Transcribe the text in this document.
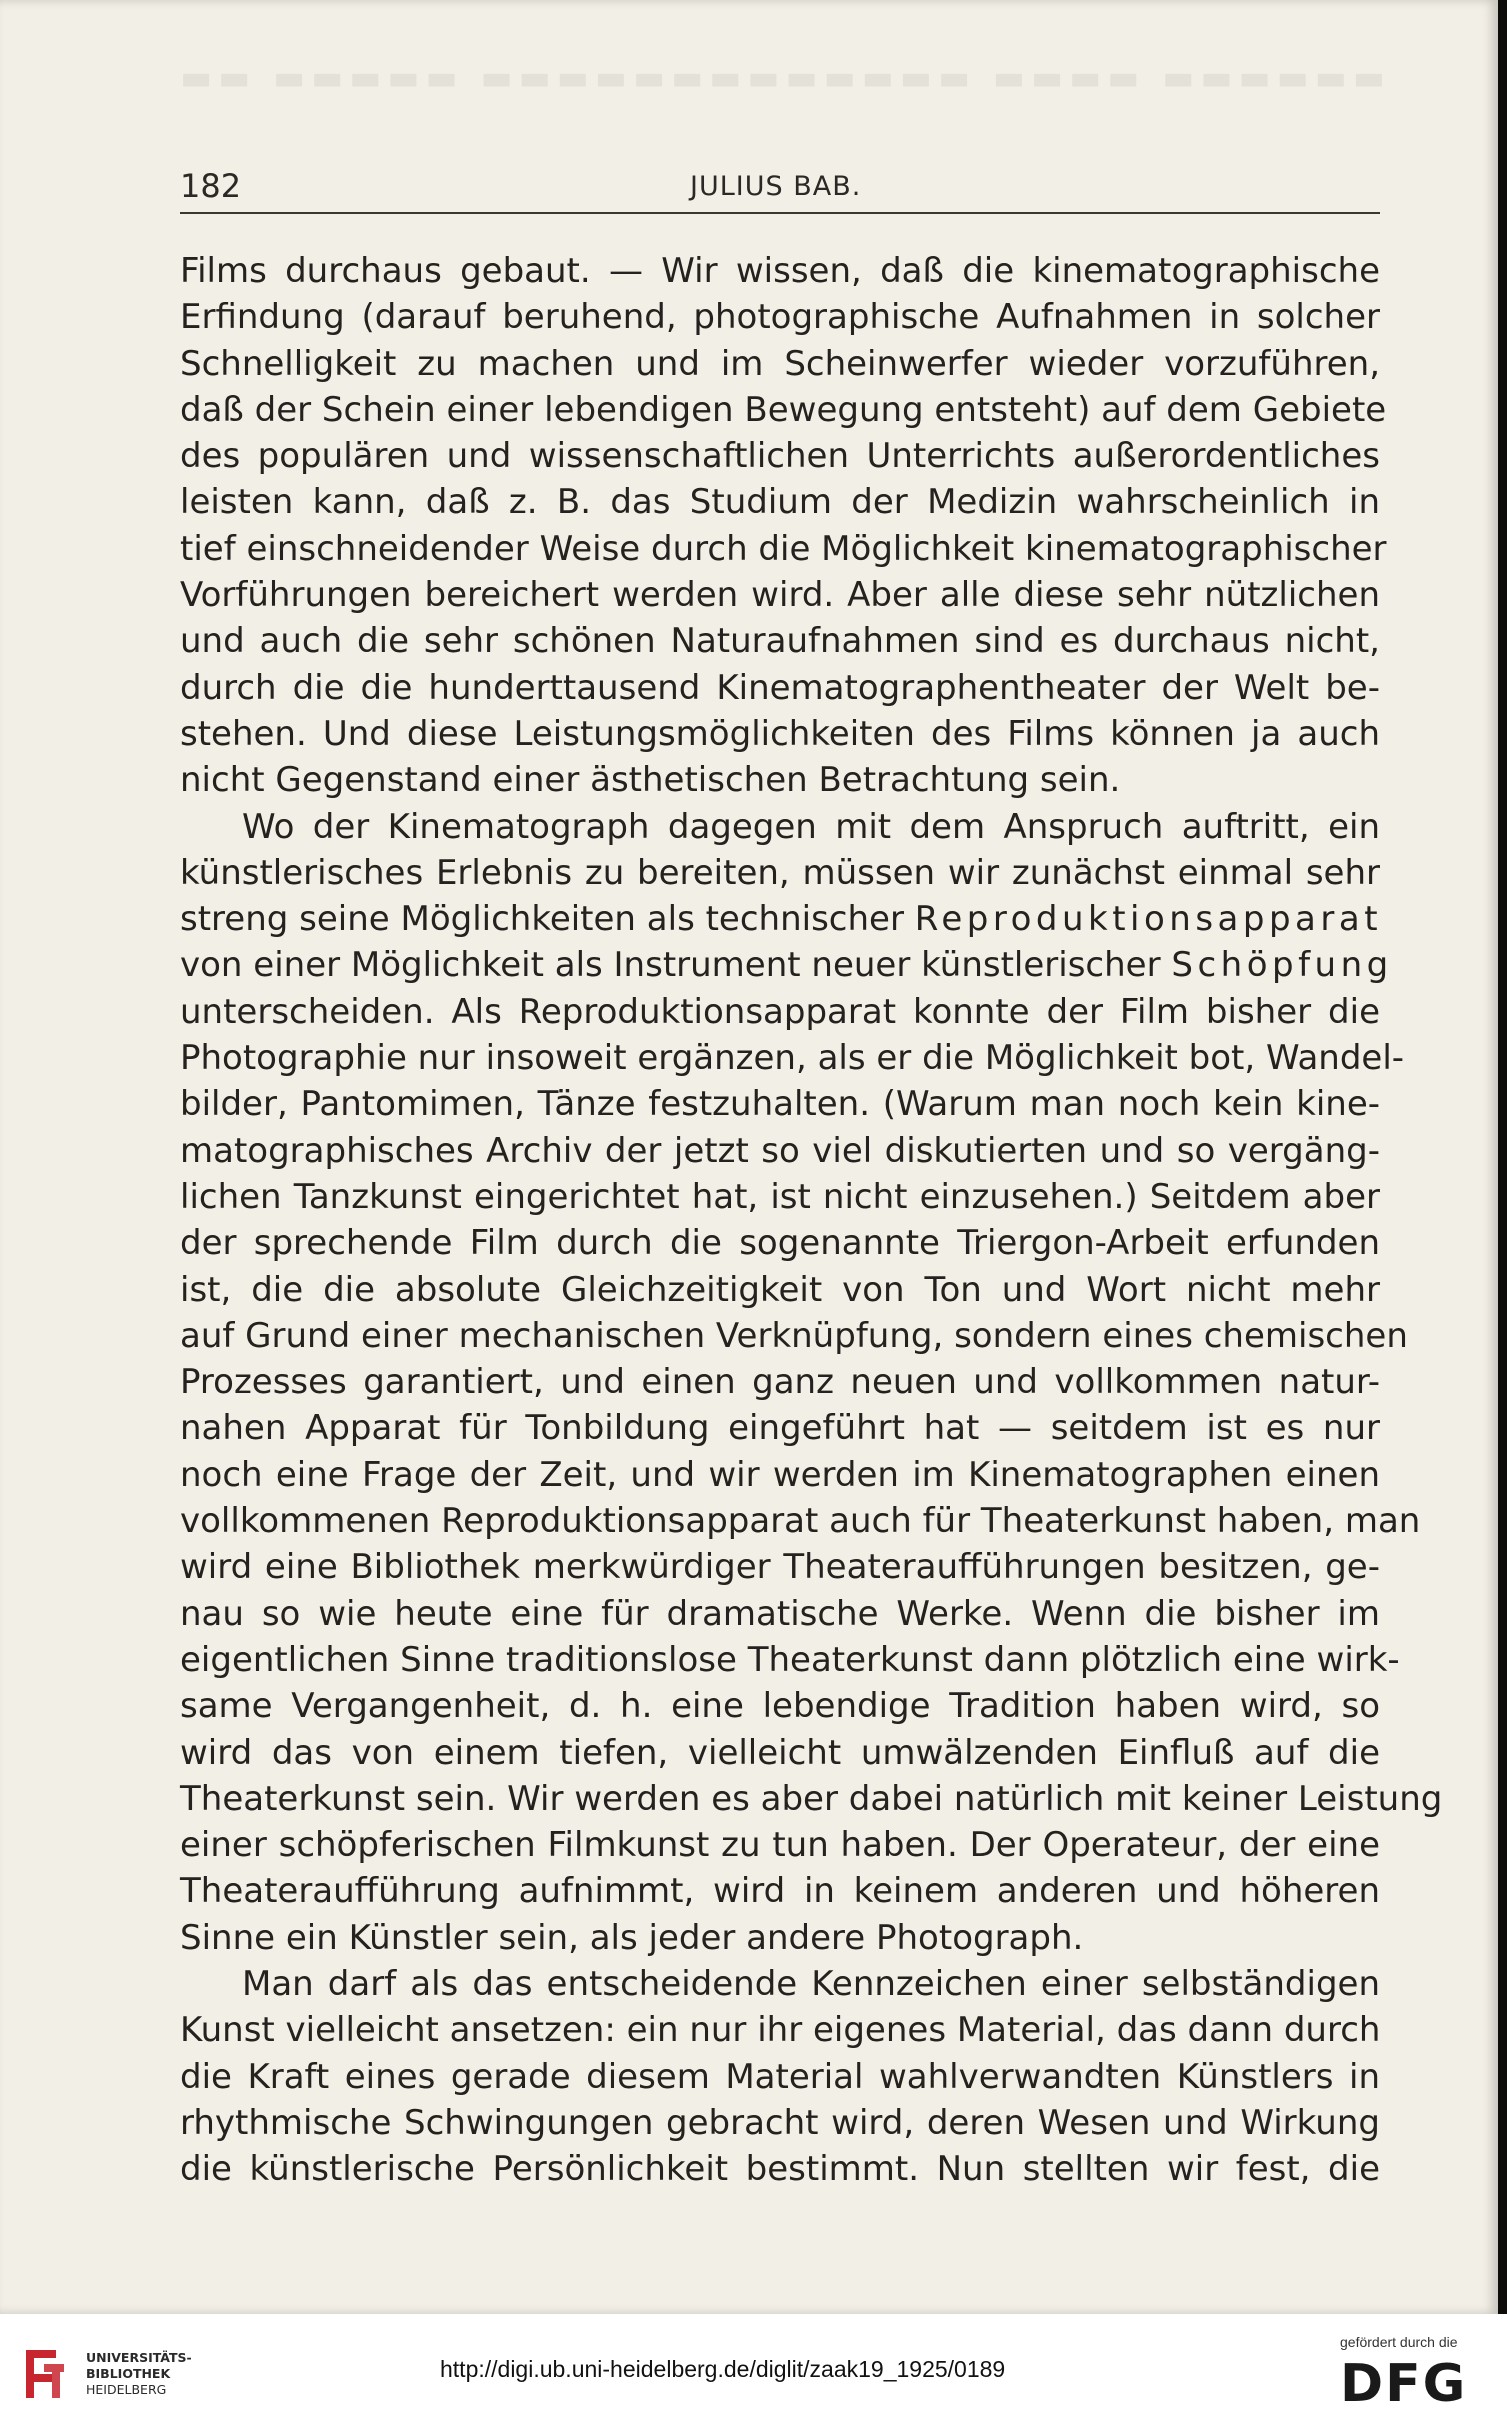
▬▬ ▬▬▬▬▬ ▬▬▬▬▬▬▬▬▬▬▬▬▬ ▬▬▬▬ ▬▬▬▬▬▬
182	JULIUS BAB.
Films durchaus gebaut. — Wir wissen, daß die kinematographische
Erfindung (darauf beruhend, photographische Aufnahmen in solcher
Schnelligkeit zu machen und im Scheinwerfer wieder vorzuführen,
daß der Schein einer lebendigen Bewegung entsteht) auf dem Gebiete
des populären und wissenschaftlichen Unterrichts außerordentliches
leisten kann, daß z. B. das Studium der Medizin wahrscheinlich in
tief einschneidender Weise durch die Möglichkeit kinematographischer
Vorführungen bereichert werden wird. Aber alle diese sehr nützlichen
und auch die sehr schönen Naturaufnahmen sind es durchaus nicht,
durch die die hunderttausend Kinematographentheater der Welt be-
stehen. Und diese Leistungsmöglichkeiten des Films können ja auch
nicht Gegenstand einer ästhetischen Betrachtung sein.
Wo der Kinematograph dagegen mit dem Anspruch auftritt, ein
künstlerisches Erlebnis zu bereiten, müssen wir zunächst einmal sehr
streng seine Möglichkeiten als technischer Reproduktionsapparat
von einer Möglichkeit als Instrument neuer künstlerischer Schöpfung
unterscheiden. Als Reproduktionsapparat konnte der Film bisher die
Photographie nur insoweit ergänzen, als er die Möglichkeit bot, Wandel-
bilder, Pantomimen, Tänze festzuhalten. (Warum man noch kein kine-
matographisches Archiv der jetzt so viel diskutierten und so vergäng-
lichen Tanzkunst eingerichtet hat, ist nicht einzusehen.) Seitdem aber
der sprechende Film durch die sogenannte Triergon-Arbeit erfunden
ist, die die absolute Gleichzeitigkeit von Ton und Wort nicht mehr
auf Grund einer mechanischen Verknüpfung, sondern eines chemischen
Prozesses garantiert, und einen ganz neuen und vollkommen natur-
nahen Apparat für Tonbildung eingeführt hat — seitdem ist es nur
noch eine Frage der Zeit, und wir werden im Kinematographen einen
vollkommenen Reproduktionsapparat auch für Theaterkunst haben, man
wird eine Bibliothek merkwürdiger Theateraufführungen besitzen, ge-
nau so wie heute eine für dramatische Werke. Wenn die bisher im
eigentlichen Sinne traditionslose Theaterkunst dann plötzlich eine wirk-
same Vergangenheit, d. h. eine lebendige Tradition haben wird, so
wird das von einem tiefen, vielleicht umwälzenden Einfluß auf die
Theaterkunst sein. Wir werden es aber dabei natürlich mit keiner Leistung
einer schöpferischen Filmkunst zu tun haben. Der Operateur, der eine
Theateraufführung aufnimmt, wird in keinem anderen und höheren
Sinne ein Künstler sein, als jeder andere Photograph.
Man darf als das entscheidende Kennzeichen einer selbständigen
Kunst vielleicht ansetzen: ein nur ihr eigenes Material, das dann durch
die Kraft eines gerade diesem Material wahlverwandten Künstlers in
rhythmische Schwingungen gebracht wird, deren Wesen und Wirkung
die künstlerische Persönlichkeit bestimmt. Nun stellten wir fest, die
UNIVERSITÄTS-
BIBLIOTHEK
HEIDELBERG
http://digi.ub.uni-heidelberg.de/diglit/zaak19_1925/0189
gefördert durch die
DFG
